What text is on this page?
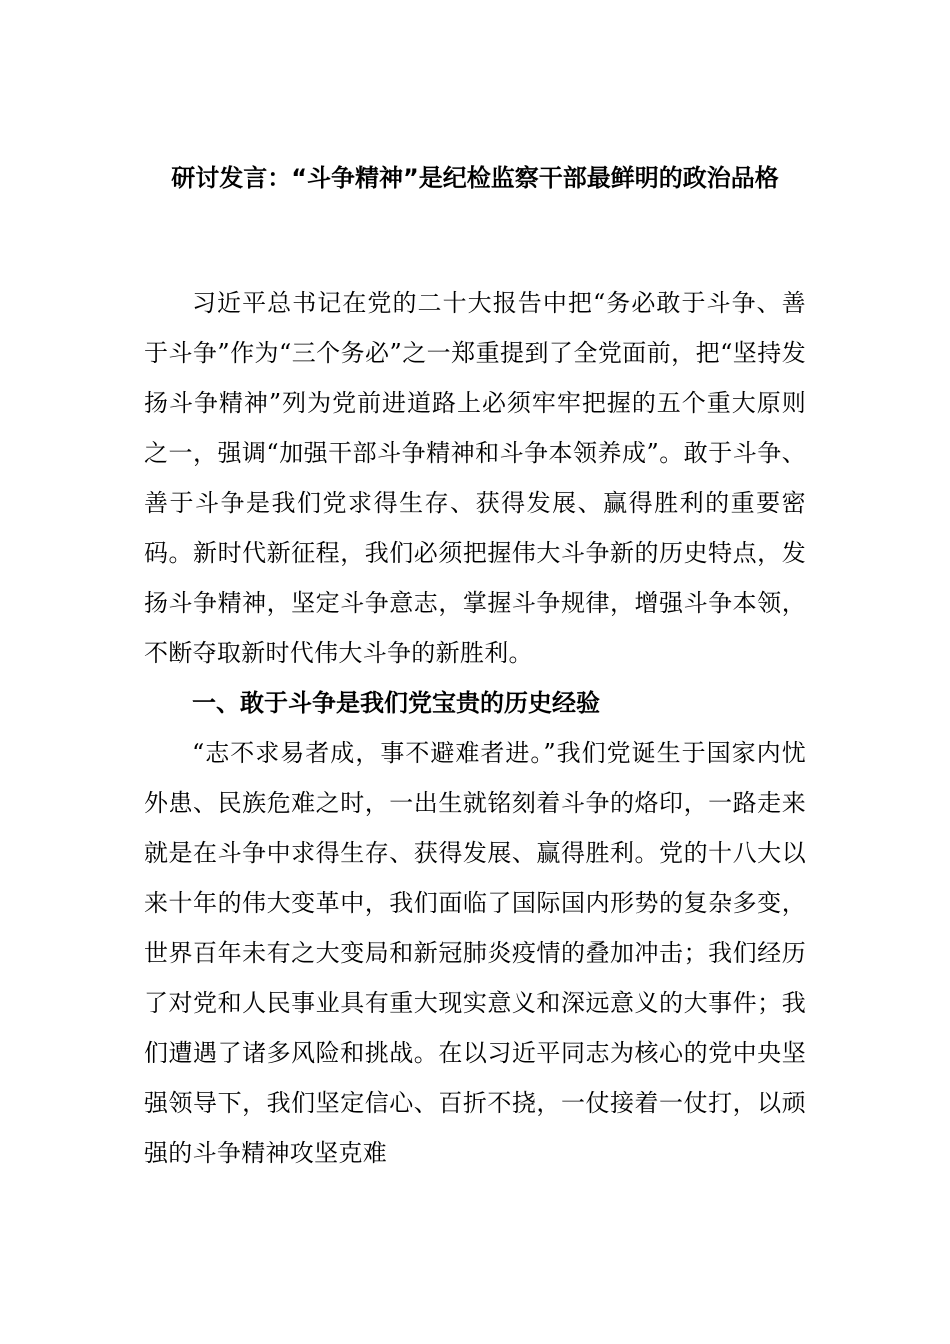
研讨发言：“斗争精神”是纪检监察干部最鲜明的政治品格

习近平总书记在党的二十大报告中把“务必敢于斗争、善于斗争”作为“三个务必”之一郑重提到了全党面前，把“坚持发扬斗争精神”列为党前进道路上必须牢牢把握的五个重大原则之一，强调“加强干部斗争精神和斗争本领养成”。敢于斗争、善于斗争是我们党求得生存、获得发展、赢得胜利的重要密码。新时代新征程，我们必须把握伟大斗争新的历史特点，发扬斗争精神，坚定斗争意志，掌握斗争规律，增强斗争本领，不断夺取新时代伟大斗争的新胜利。

一、敢于斗争是我们党宝贵的历史经验

“志不求易者成，事不避难者进。”我们党诞生于国家内忧外患、民族危难之时，一出生就铭刻着斗争的烙印，一路走来就是在斗争中求得生存、获得发展、赢得胜利。党的十八大以来十年的伟大变革中，我们面临了国际国内形势的复杂多变，世界百年未有之大变局和新冠肺炎疫情的叠加冲击；我们经历了对党和人民事业具有重大现实意义和深远意义的大事件；我们遭遇了诸多风险和挑战。在以习近平同志为核心的党中央坚强领导下，我们坚定信心、百折不挠，一仗接着一仗打，以顽强的斗争精神攻坚克难
